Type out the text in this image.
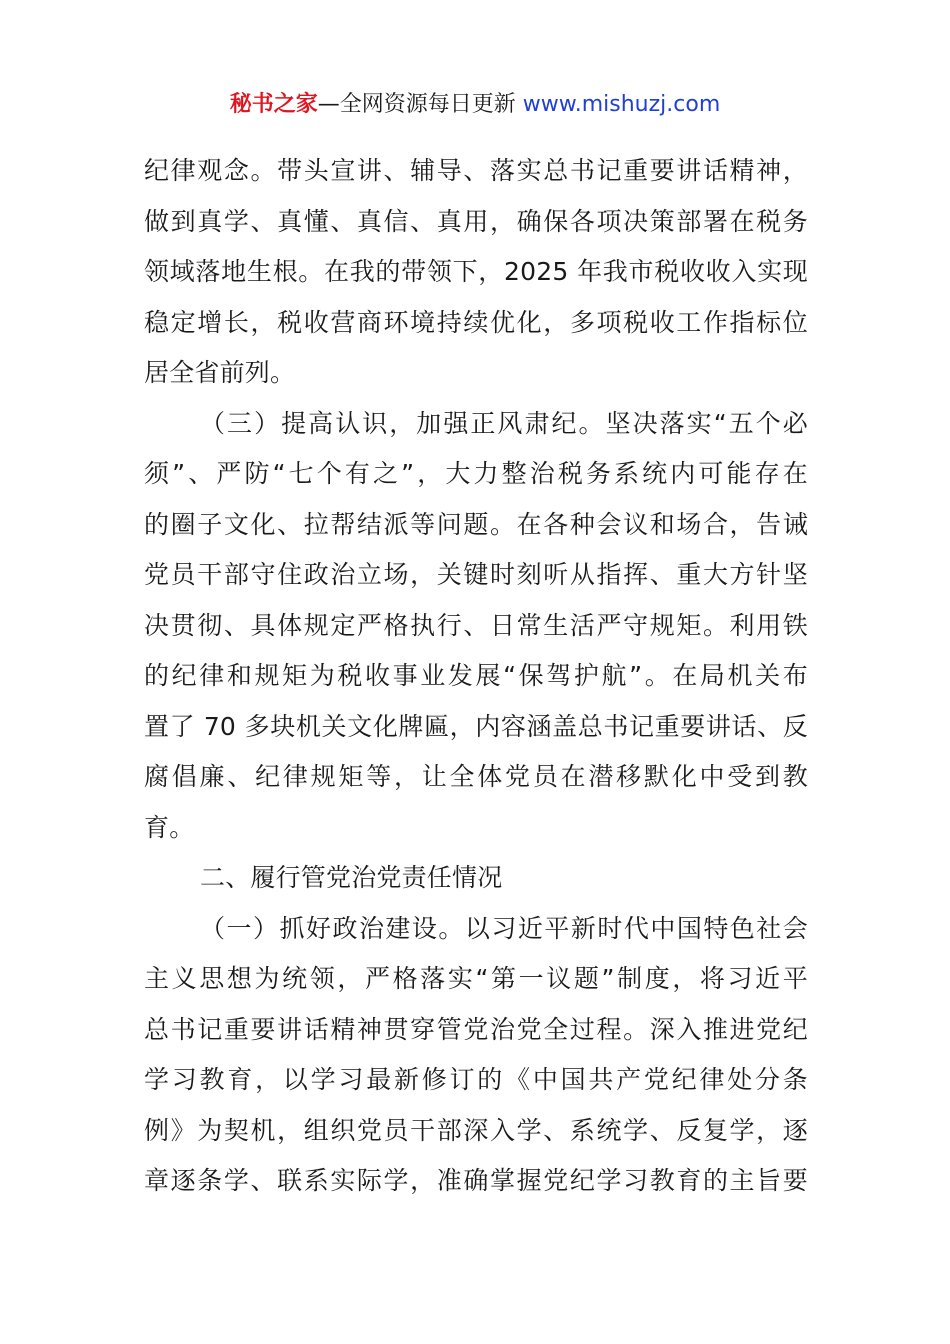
秘书之家—全网资源每日更新 www.mishuzj.com
纪律观念。带头宣讲、辅导、落实总书记重要讲话精神，
做到真学、真懂、真信、真用，确保各项决策部署在税务
领域落地生根。在我的带领下，2025 年我市税收收入实现
稳定增长，税收营商环境持续优化，多项税收工作指标位
居全省前列。
（三）提高认识，加强正风肃纪。坚决落实“五个必
须”、严防“七个有之”，大力整治税务系统内可能存在
的圈子文化、拉帮结派等问题。在各种会议和场合，告诫
党员干部守住政治立场，关键时刻听从指挥、重大方针坚
决贯彻、具体规定严格执行、日常生活严守规矩。利用铁
的纪律和规矩为税收事业发展“保驾护航”。在局机关布
置了 70 多块机关文化牌匾，内容涵盖总书记重要讲话、反
腐倡廉、纪律规矩等，让全体党员在潜移默化中受到教
育。
二、履行管党治党责任情况
（一）抓好政治建设。以习近平新时代中国特色社会
主义思想为统领，严格落实“第一议题”制度，将习近平
总书记重要讲话精神贯穿管党治党全过程。深入推进党纪
学习教育，以学习最新修订的《中国共产党纪律处分条
例》为契机，组织党员干部深入学、系统学、反复学，逐
章逐条学、联系实际学，准确掌握党纪学习教育的主旨要
